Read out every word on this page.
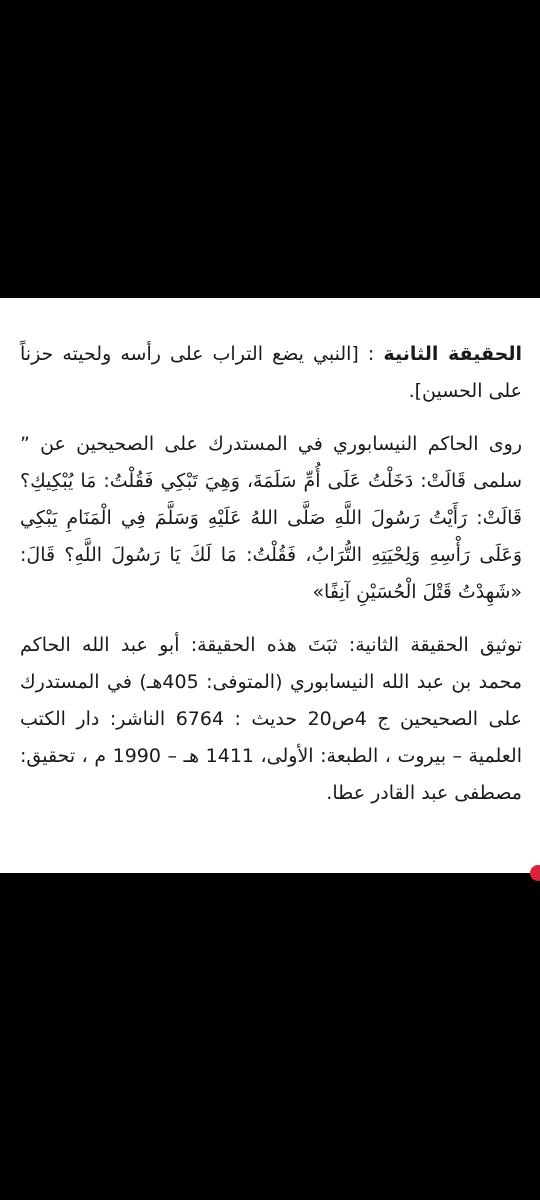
الحقيقة الثانية : [النبي يضع التراب على رأسه ولحيته حزناً على الحسين].

روى الحاكم النيسابوري في المستدرك على الصحيحين عن ” سلمى قَالَتْ: دَخَلْتُ عَلَى أُمِّ سَلَمَةَ، وَهِيَ تَبْكِي فَقُلْتُ: مَا يُبْكِيكِ؟ قَالَتْ: رَأَيْتُ رَسُولَ اللَّهِ صَلَّى اللهُ عَلَيْهِ وَسَلَّمَ فِي الْمَنَامِ يَبْكِي وَعَلَى رَأْسِهِ وَلِحْيَتِهِ التُّرَابُ، فَقُلْتُ: مَا لَكَ يَا رَسُولَ اللَّهِ؟ قَالَ: «شَهِدْتُ قَتْلَ الْحُسَيْنِ آنِفًا»

توثيق الحقيقة الثانية: ثبَتَ هذه الحقيقة: أبو عبد الله الحاكم محمد بن عبد الله النيسابوري (المتوفى: 405هـ) في المستدرك على الصحيحين ج 4ص20 حديث : 6764 الناشر: دار الكتب العلمية – بيروت ، الطبعة: الأولى، 1411 هـ – 1990 م ، تحقيق: مصطفى عبد القادر عطا.
